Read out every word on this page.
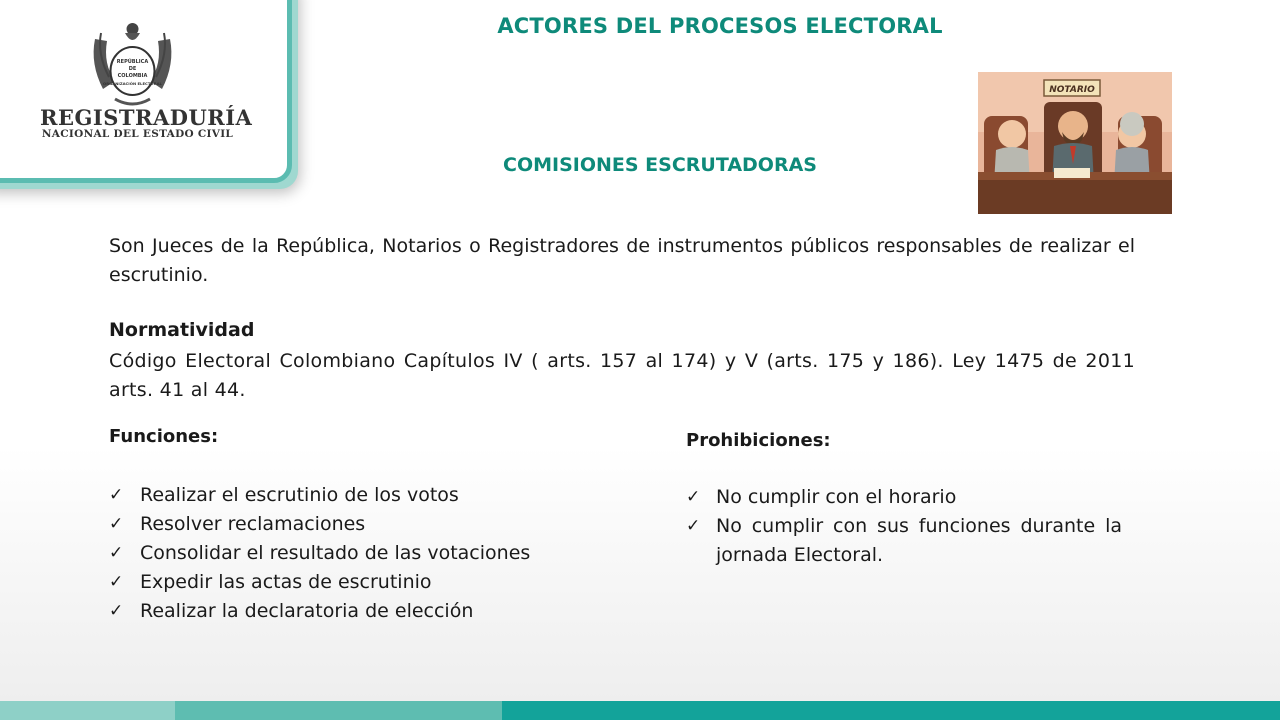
REPÚBLICA
DE
COLOMBIA
ORGANIZACIÓN ELECTORAL
REGISTRADURÍA
NACIONAL DEL ESTADO CIVIL
ACTORES DEL PROCESOS ELECTORAL
COMISIONES ESCRUTADORAS
NOTARIO

Son Jueces de la República, Notarios o Registradores de instrumentos públicos responsables de realizar el escrutinio.

Normatividad
Código Electoral Colombiano Capítulos IV ( arts. 157 al 174) y V (arts. 175 y 186). Ley 1475 de 2011 arts. 41 al 44.
Funciones:
✓ Realizar el escrutinio de los votos
✓ Resolver reclamaciones
✓ Consolidar el resultado de las votaciones
✓ Expedir las actas de escrutinio
✓ Realizar la declaratoria de elección
Prohibiciones:
✓ No cumplir con el horario
✓ No cumplir con sus funciones durante la jornada Electoral.
